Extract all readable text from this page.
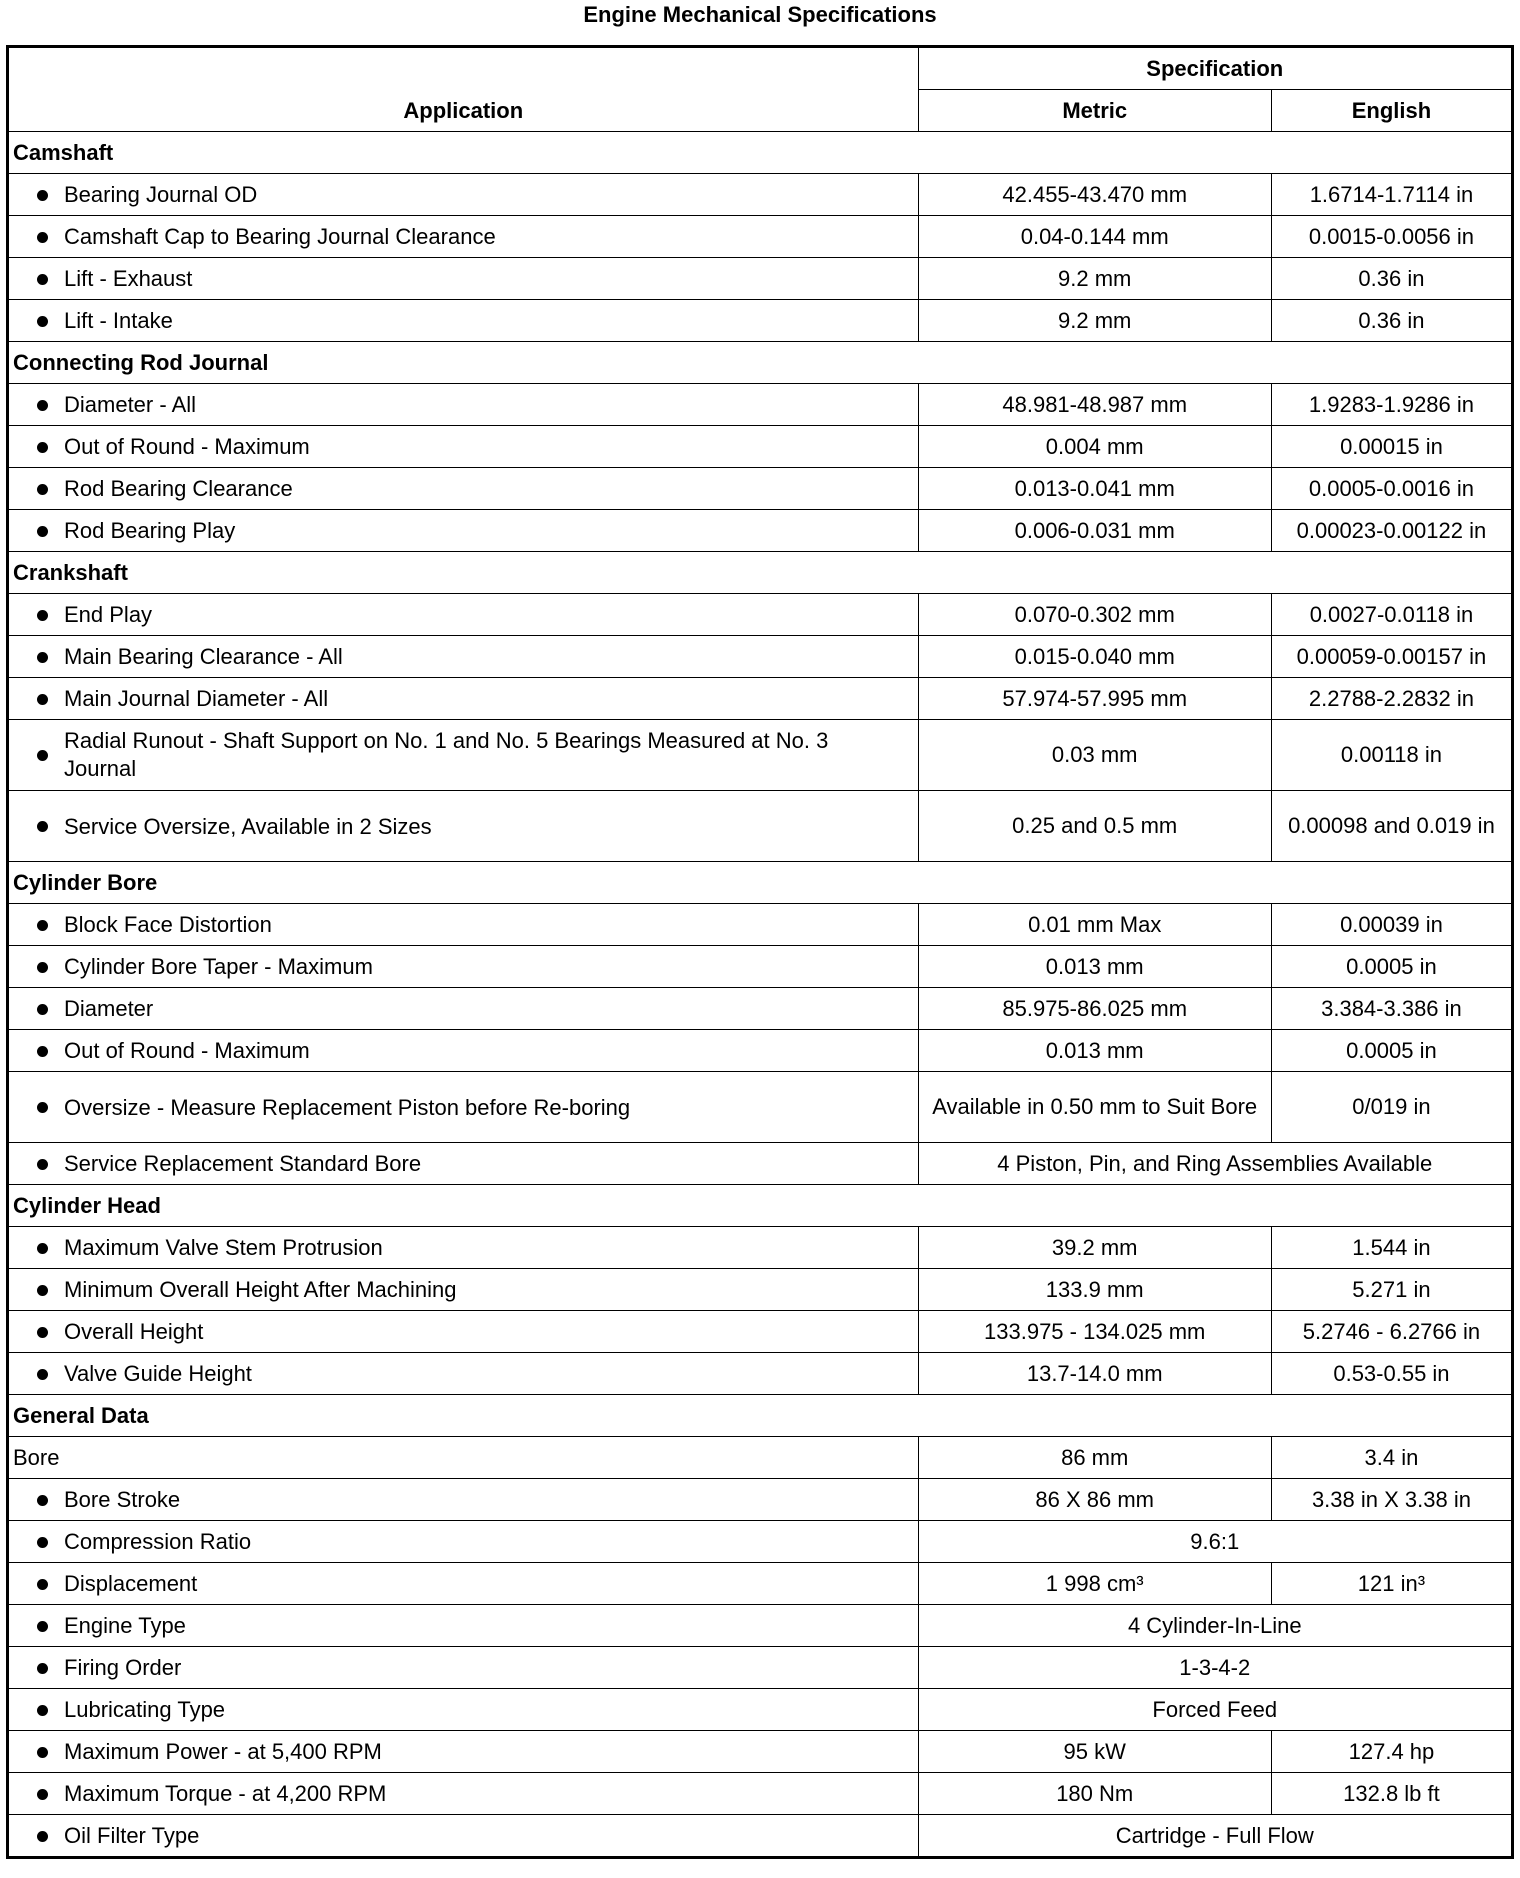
Engine Mechanical Specifications
Application	Specification	
	Metric	English
Camshaft		
Bearing Journal OD	42.455-43.470 mm	1.6714-1.7114 in
Camshaft Cap to Bearing Journal Clearance	0.04-0.144 mm	0.0015-0.0056 in
Lift - Exhaust	9.2 mm	0.36 in
Lift - Intake	9.2 mm	0.36 in
Connecting Rod Journal		
Diameter - All	48.981-48.987 mm	1.9283-1.9286 in
Out of Round - Maximum	0.004 mm	0.00015 in
Rod Bearing Clearance	0.013-0.041 mm	0.0005-0.0016 in
Rod Bearing Play	0.006-0.031 mm	0.00023-0.00122 in
Crankshaft		
End Play	0.070-0.302 mm	0.0027-0.0118 in
Main Bearing Clearance - All	0.015-0.040 mm	0.00059-0.00157 in
Main Journal Diameter - All	57.974-57.995 mm	2.2788-2.2832 in
Radial Runout - Shaft Support on No. 1 and No. 5 Bearings Measured at No. 3 Journal	0.03 mm	0.00118 in
Service Oversize, Available in 2 Sizes	0.25 and 0.5 mm	0.00098 and 0.019 in
Cylinder Bore		
Block Face Distortion	0.01 mm Max	0.00039 in
Cylinder Bore Taper - Maximum	0.013 mm	0.0005 in
Diameter	85.975-86.025 mm	3.384-3.386 in
Out of Round - Maximum	0.013 mm	0.0005 in
Oversize - Measure Replacement Piston before Re-boring	Available in 0.50 mm to Suit Bore	0/019 in
Service Replacement Standard Bore	4 Piston, Pin, and Ring Assemblies Available	
Cylinder Head		
Maximum Valve Stem Protrusion	39.2 mm	1.544 in
Minimum Overall Height After Machining	133.9 mm	5.271 in
Overall Height	133.975 - 134.025 mm	5.2746 - 6.2766 in
Valve Guide Height	13.7-14.0 mm	0.53-0.55 in
General Data		
Bore	86 mm	3.4 in
Bore Stroke	86 X 86 mm	3.38 in X 3.38 in
Compression Ratio	9.6:1	
Displacement	1 998 cm³	121 in³
Engine Type	4 Cylinder-In-Line	
Firing Order	1-3-4-2	
Lubricating Type	Forced Feed	
Maximum Power - at 5,400 RPM	95 kW	127.4 hp
Maximum Torque - at 4,200 RPM	180 Nm	132.8 lb ft
Oil Filter Type	Cartridge - Full Flow	
